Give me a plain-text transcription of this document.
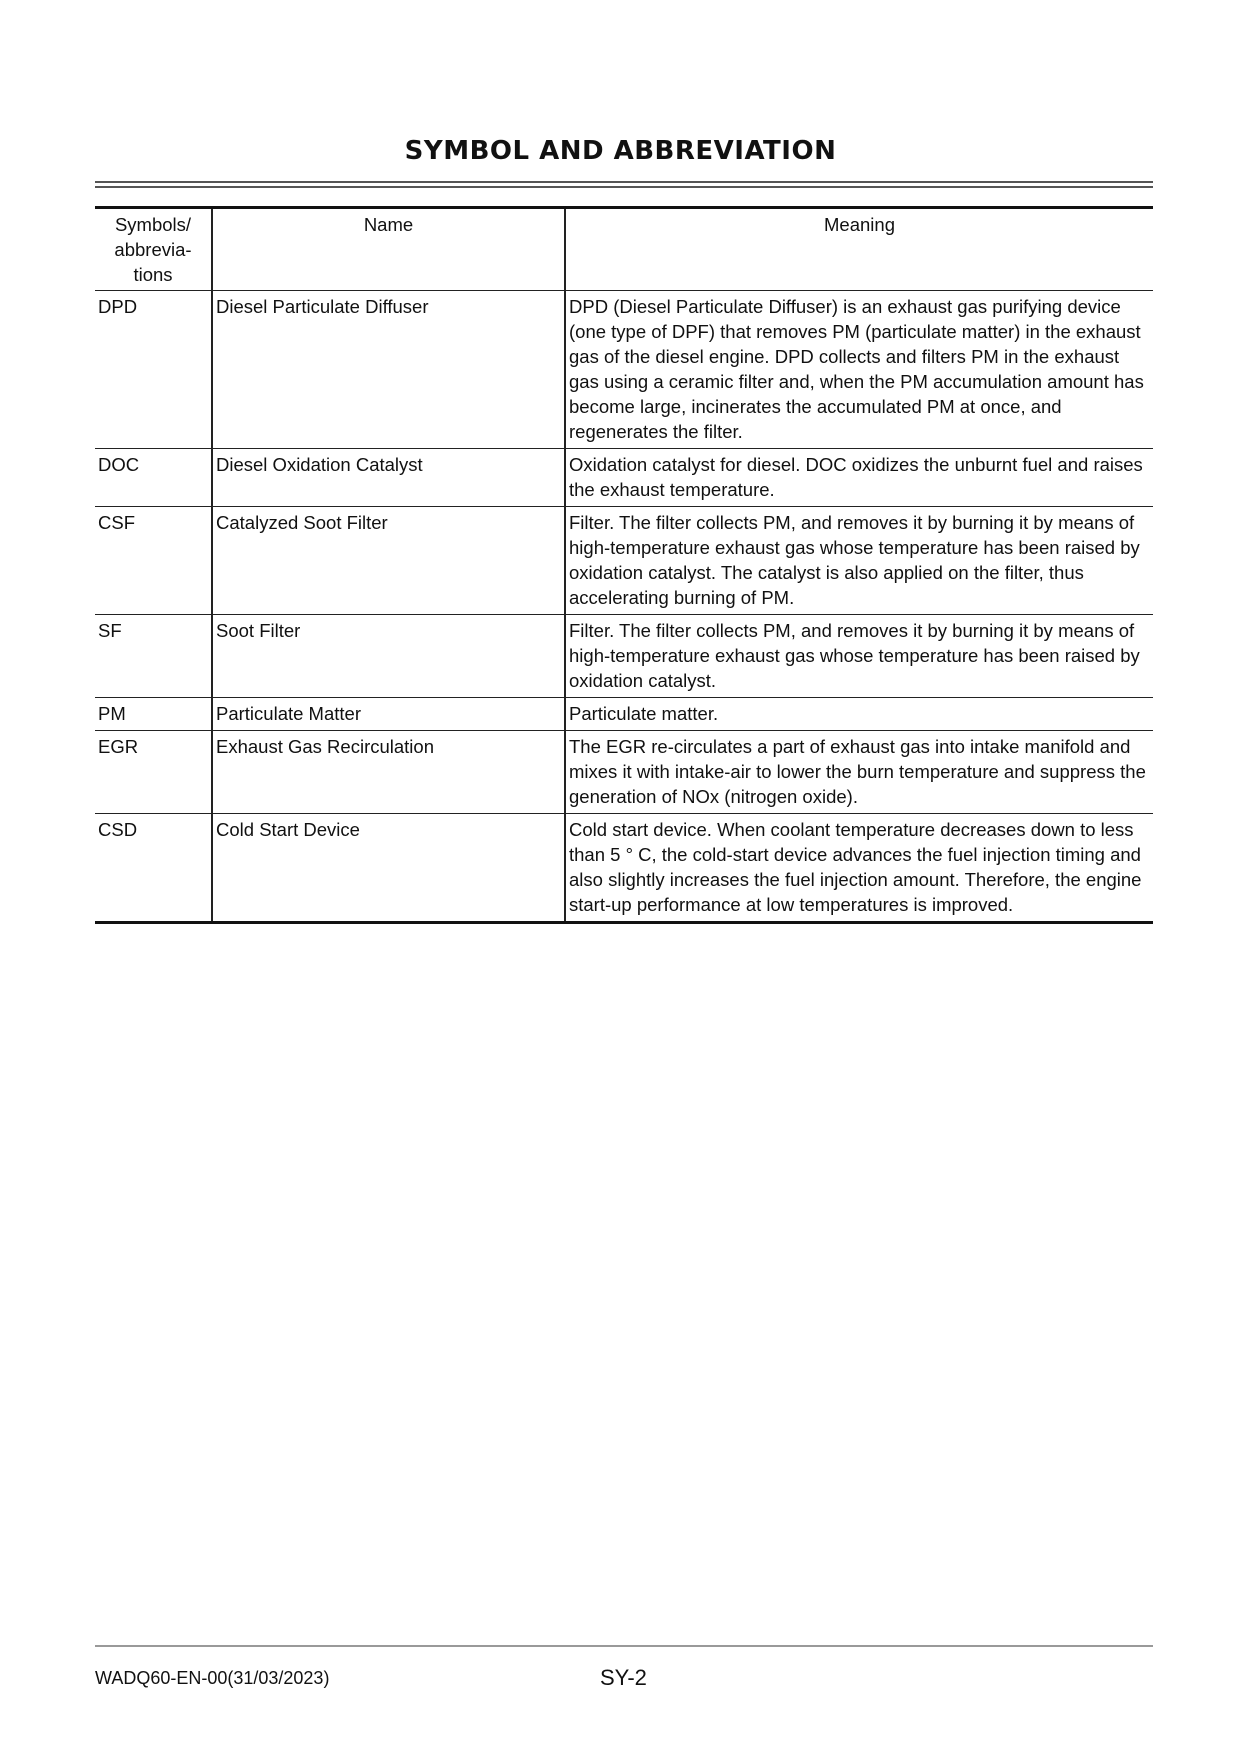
SYMBOL AND ABBREVIATION
Symbols/ abbrevia- tions	Name	Meaning
DPD	Diesel Particulate Diffuser	DPD (Diesel Particulate Diffuser) is an exhaust gas purifying device (one type of DPF) that removes PM (particulate matter) in the exhaust gas of the diesel engine. DPD collects and filters PM in the exhaust gas using a ceramic filter and, when the PM accumulation amount has become large, incinerates the accumulated PM at once, and regenerates the filter.
DOC	Diesel Oxidation Catalyst	Oxidation catalyst for diesel. DOC oxidizes the unburnt fuel and raises the exhaust temperature.
CSF	Catalyzed Soot Filter	Filter. The filter collects PM, and removes it by burning it by means of high-temperature exhaust gas whose temperature has been raised by oxidation catalyst. The catalyst is also applied on the filter, thus accelerating burning of PM.
SF	Soot Filter	Filter. The filter collects PM, and removes it by burning it by means of high-temperature exhaust gas whose temperature has been raised by oxidation catalyst.
PM	Particulate Matter	Particulate matter.
EGR	Exhaust Gas Recirculation	The EGR re-circulates a part of exhaust gas into intake manifold and mixes it with intake-air to lower the burn temperature and suppress the generation of NOx (nitrogen oxide).
CSD	Cold Start Device	Cold start device. When coolant temperature decreases down to less than 5 ° C, the cold-start device advances the fuel injection timing and also slightly increases the fuel injection amount. Therefore, the engine start-up performance at low temperatures is improved.
WADQ60-EN-00(31/03/2023)	SY-2
